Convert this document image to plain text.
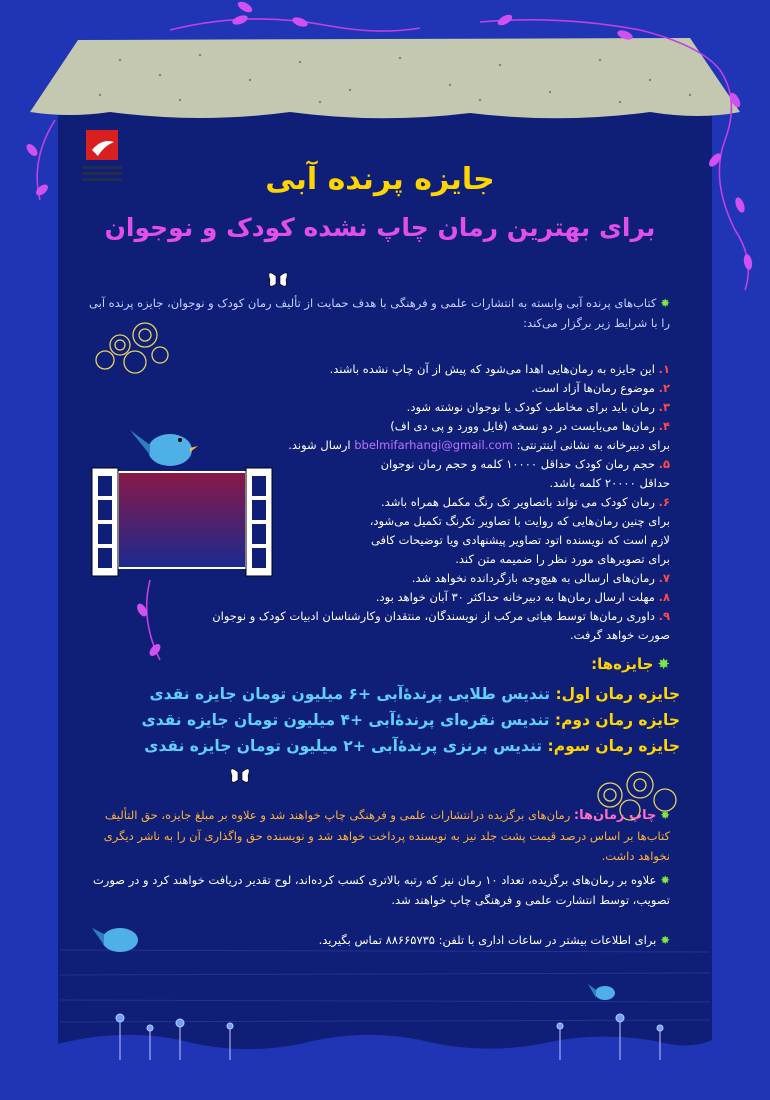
جایزه پرنده آبی
برای بهترین رمان چاپ نشده کودک و نوجوان
✸کتاب‌های پرنده آبی وابسته به انتشارات علمی و فرهنگی با هدف حمایت از تألیف رمان کودک و نوجوان، جایزه پرنده آبی را با شرایط زیر برگزار می‌کند:
۱. این جایزه به رمان‌هایی اهدا می‌شود که پیش از آن چاپ نشده باشند.
۲. موضوع رمان‌ها آزاد است.
۳. رمان باید برای مخاطب کودک یا نوجوان نوشته شود.
۴. رمان‌ها می‌بایست در دو نسخه (فایل وورد و پی دی اف)
برای دبیرخانه به نشانی اینترنتی: bbelmifarhangi@gmail.com ارسال شوند.
۵. حجم رمان کودک حداقل ۱۰۰۰۰ کلمه و حجم رمان نوجوان
حداقل ۲۰۰۰۰ کلمه باشد.
۶. رمان کودک می تواند باتصاویر تک رنگ مکمل همراه باشد.
برای چنین رمان‌هایی که روایت با تصاویر تکرنگ تکمیل می‌شود،
لازم است که نویسنده اتود تصاویر پیشنهادی ویا توضیحات کافی
برای تصویرهای مورد نظر را ضمیمه متن کند.
۷. رمان‌های ارسالی به هیچ‌وجه بازگردانده نخواهد شد.
۸. مهلت ارسال رمان‌ها به دبیرخانه حداکثر ۳۰ آبان خواهد بود.
۹. داوری رمان‌ها توسط هیاتی مرکب از نویسندگان، منتقدان وکارشناسان ادبیات کودک و نوجوان
صورت خواهد گرفت.
✸جایزه‌ها:
جایزه رمان اول: تندیس طلایی پرندۀآبی +۶ میلیون تومان جایزه نقدی
جایزه رمان دوم: تندیس نقره‌ای پرندۀآبی +۴ میلیون تومان جایزه نقدی
جایزه رمان سوم: تندیس برنزی پرندۀآبی +۲ میلیون تومان جایزه نقدی
✸چاپ رمان‌ها: رمان‌های برگزیده درانتشارات علمی و فرهنگی چاپ خواهند شد و علاوه بر مبلغ جایزه، حق التألیف کتاب‌ها بر اساس درصد قیمت پشت جلد نیز به نویسنده پرداخت خواهد شد و نویسنده حق واگذاری آن را به ناشر دیگری نخواهد داشت.
✸علاوه بر رمان‌های برگزیده، تعداد ۱۰ رمان نیز که رتبه بالاتری کسب کرده‌اند، لوح تقدیر دریافت خواهند کرد و در صورت تصویب، توسط انتشارت علمی و فرهنگی چاپ خواهند شد.
✸برای اطلاعات بیشتر در ساعات اداری با تلفن: ۸۸۶۶۵۷۳۵ تماس بگیرید.
